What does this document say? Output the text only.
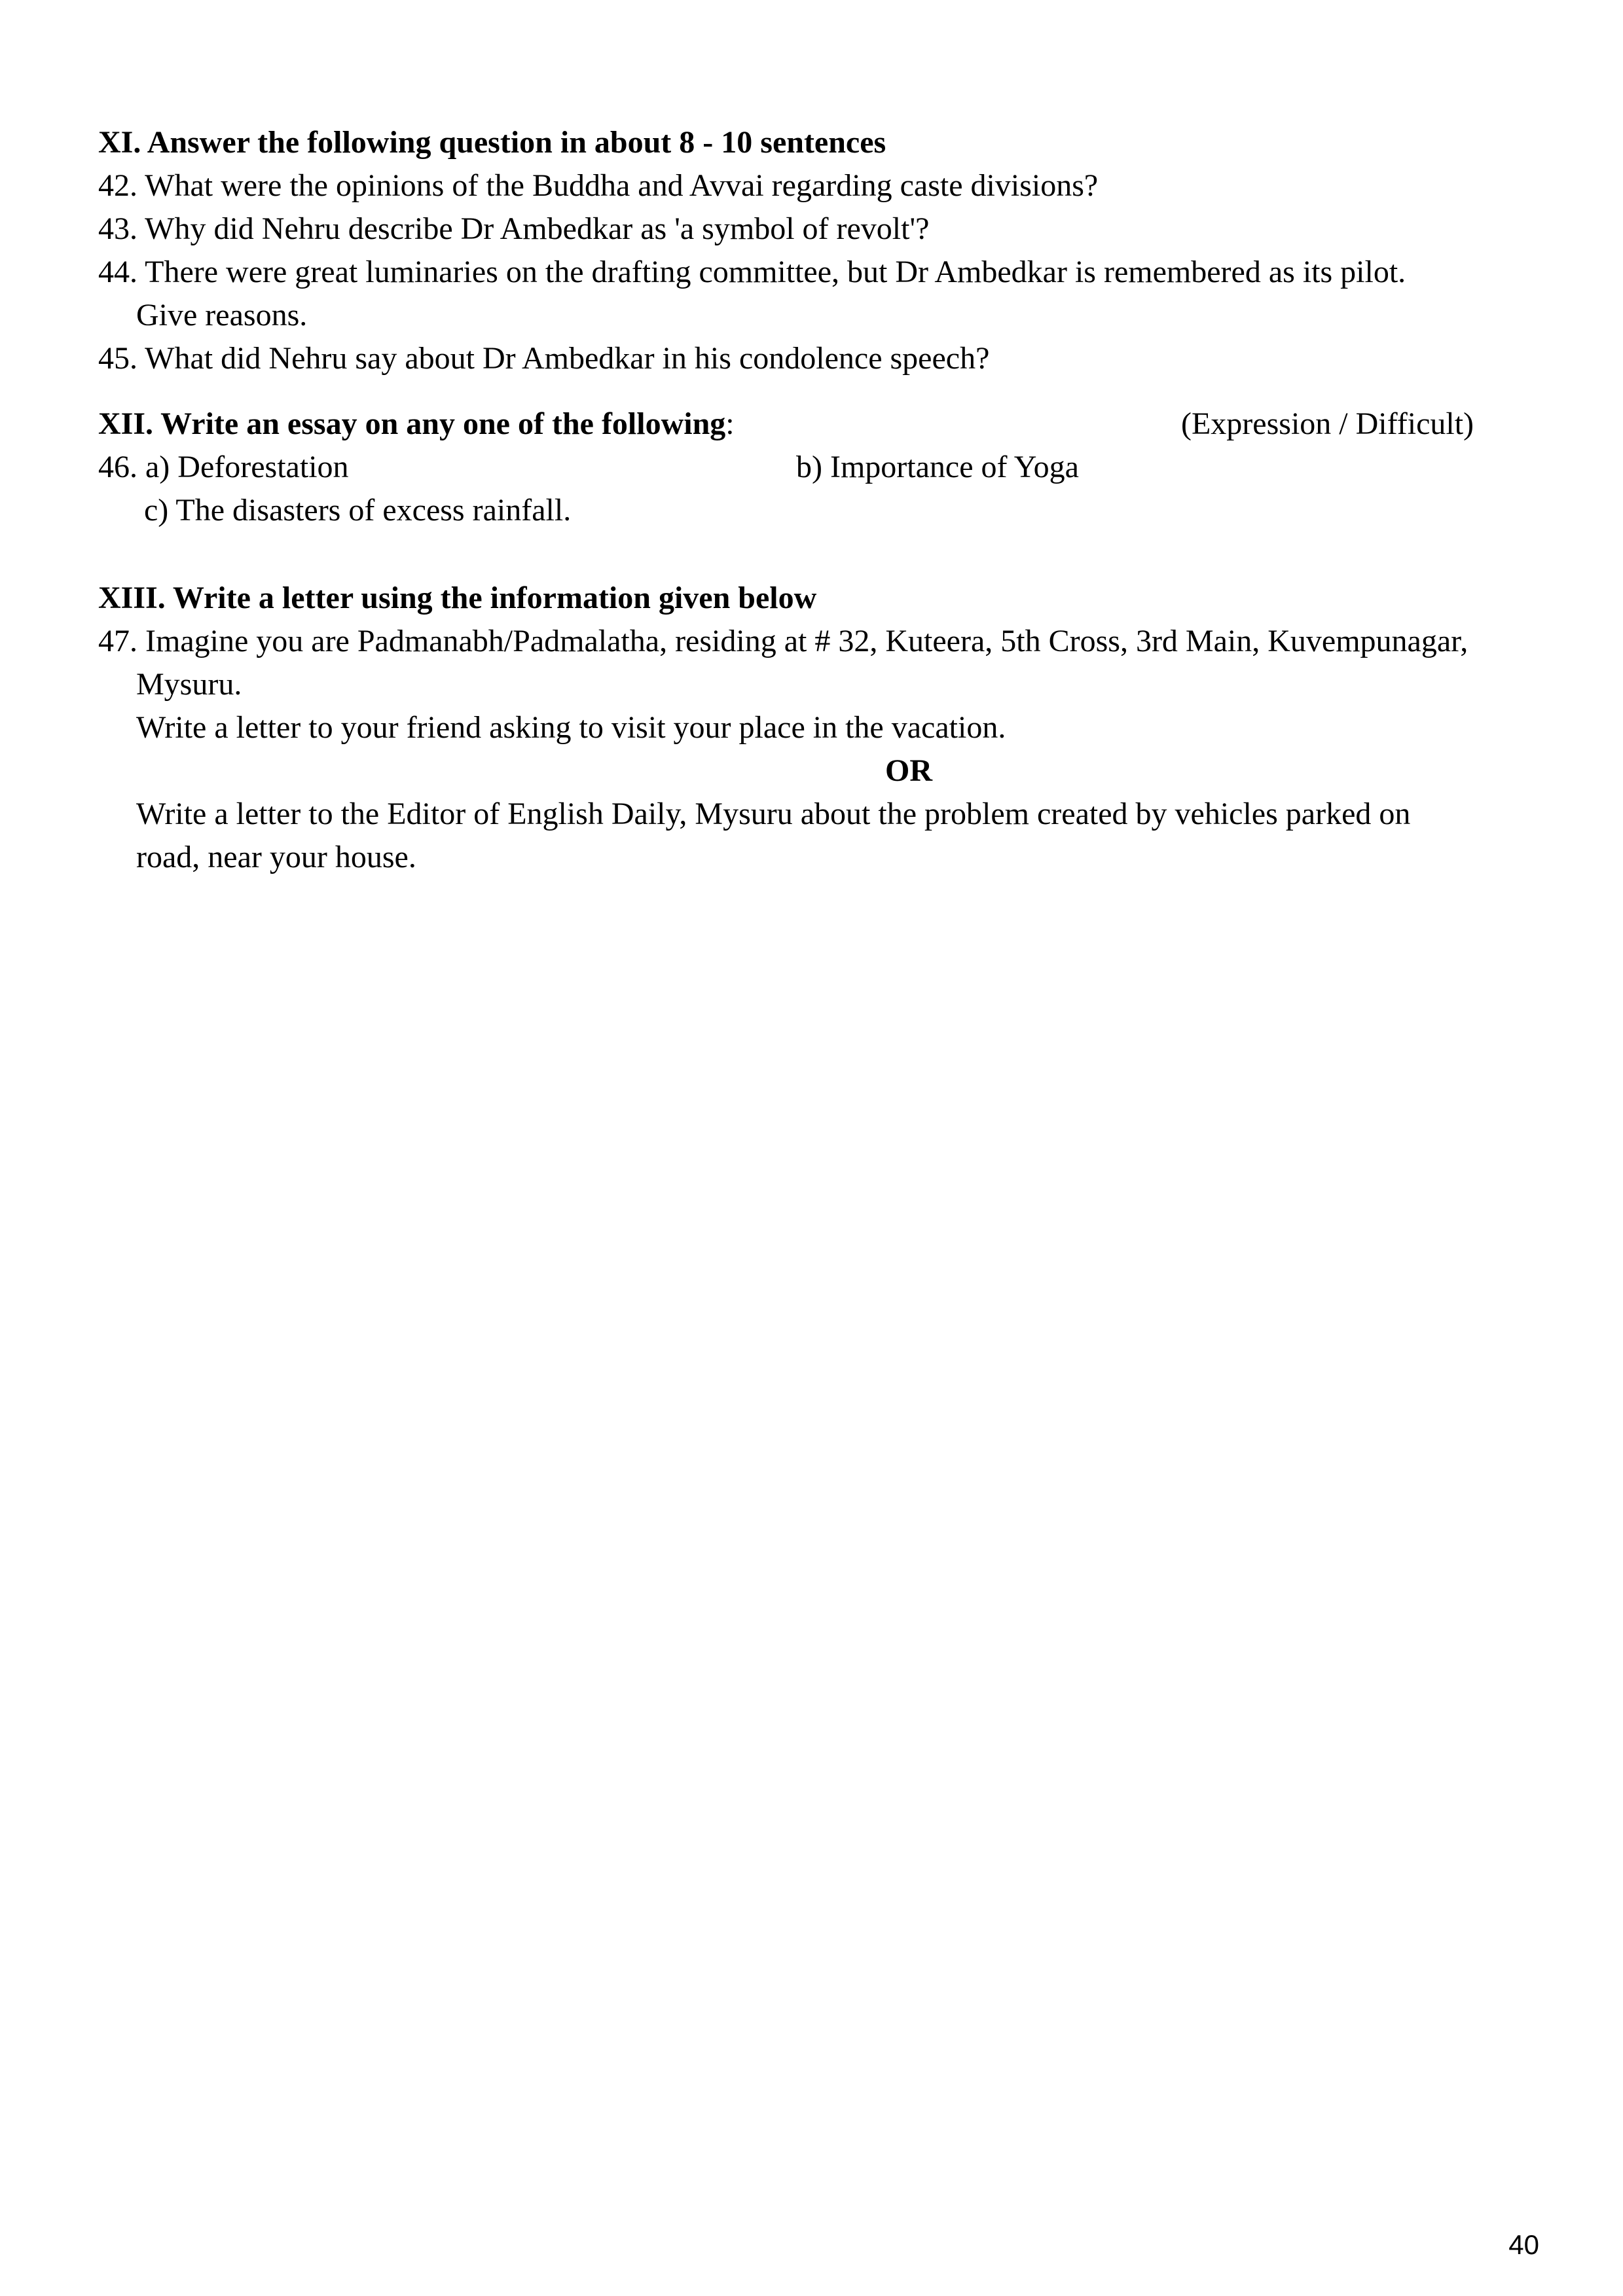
XI. Answer the following question in about 8 - 10 sentences
42. What were the opinions of the Buddha and Avvai regarding caste divisions?
43. Why did Nehru describe Dr Ambedkar as 'a symbol of revolt'?
44. There were great luminaries on the drafting committee, but Dr Ambedkar is remembered as its pilot.
Give reasons.
45. What did Nehru say about Dr Ambedkar in his condolence speech?
XII. Write an essay on any one of the following:	(Expression / Difficult)
46. a) Deforestation	b) Importance of Yoga
c) The disasters of excess rainfall.
XIII. Write a letter using the information given below
47. Imagine you are Padmanabh/Padmalatha, residing at # 32, Kuteera, 5th Cross, 3rd Main, Kuvempunagar,
Mysuru.
Write a letter to your friend asking to visit your place in the vacation.
OR
Write a letter to the Editor of English Daily, Mysuru about the problem created by vehicles parked on
road, near your house.
40
